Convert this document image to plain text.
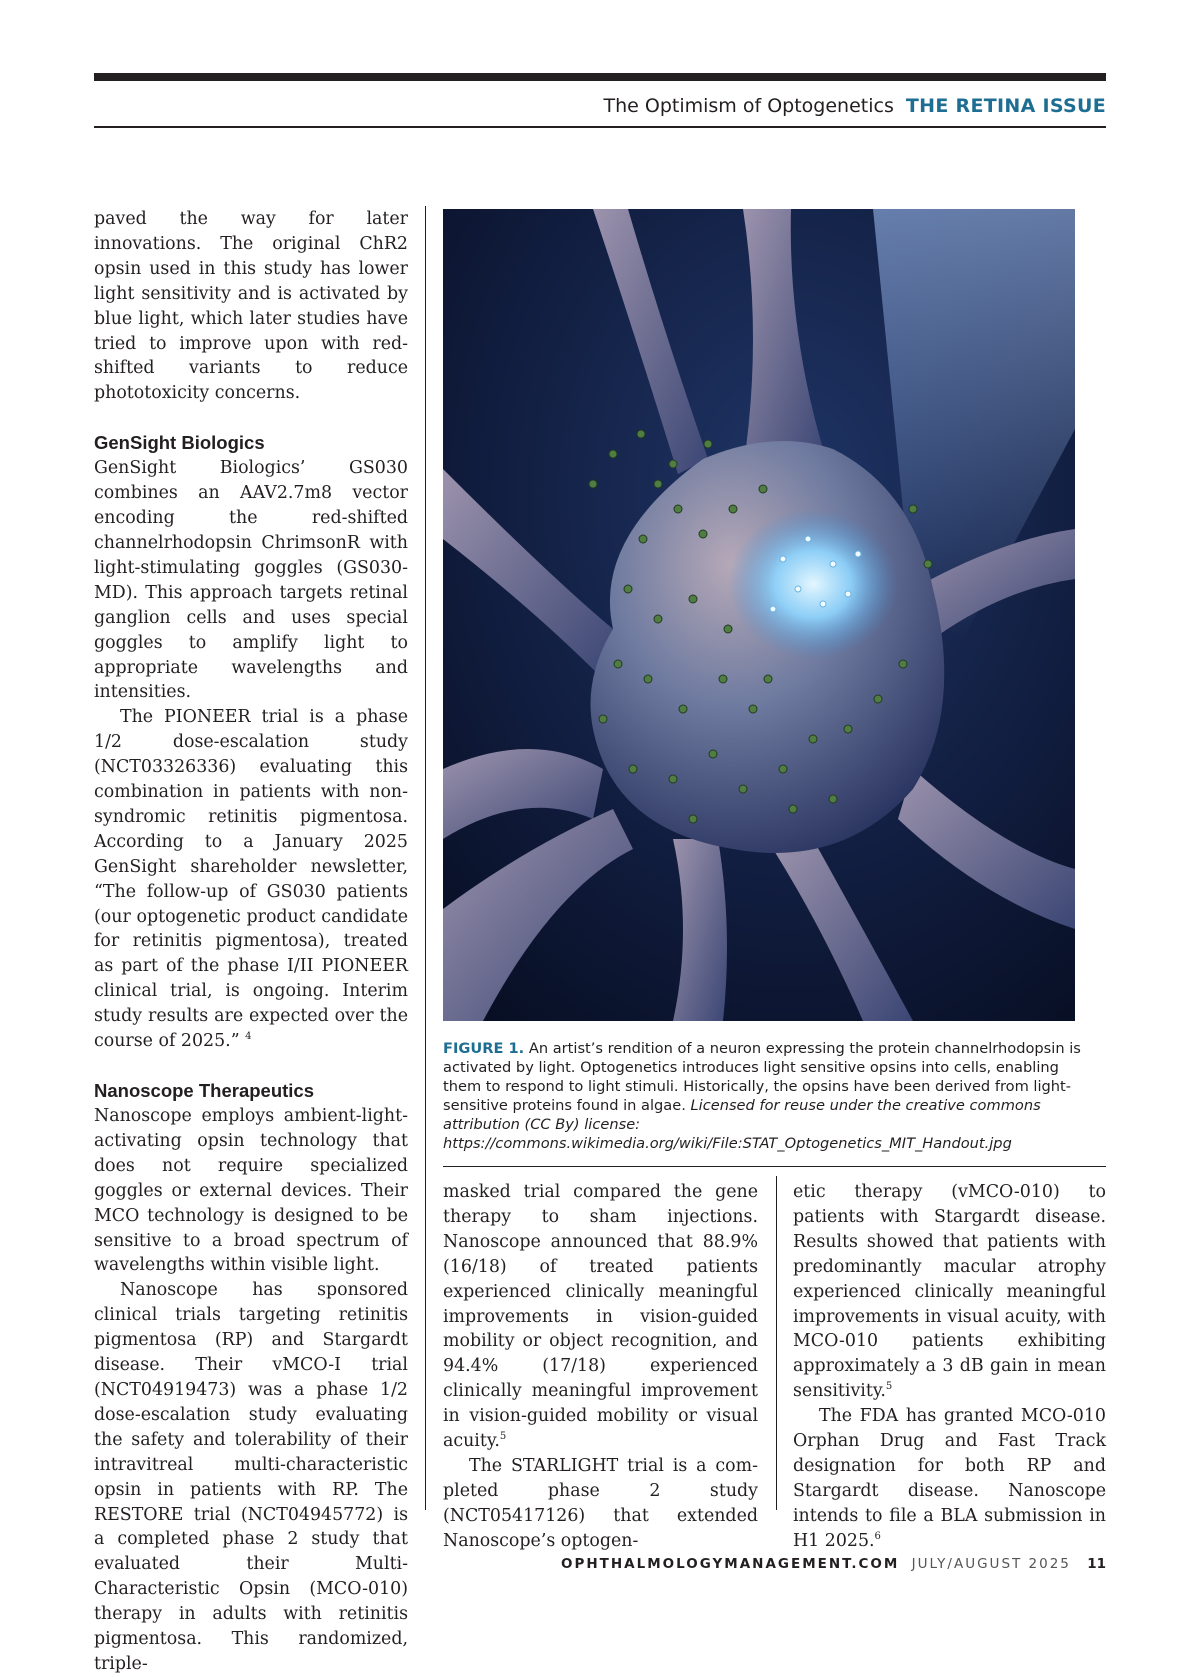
The Optimism of Optogenetics THE RETINA ISSUE

paved the way for later innovations. The original ChR2 opsin used in this study has lower light sensitivity and is activated by blue light, which later studies have tried to improve upon with red-shifted variants to reduce phototoxicity concerns.

GenSight Biologics

GenSight Biologics’ GS030 combines an AAV2.7m8 vector encoding the red-shifted channelrhodopsin ChrimsonR with light-stimulating goggles (GS030-MD). This approach targets retinal ganglion cells and uses special goggles to amplify light to appropriate wavelengths and intensities.

The PIONEER trial is a phase 1/2 dose-escalation study (NCT03326336) evaluating this combination in patients with non-syndromic retinitis pigmentosa. According to a January 2025 GenSight shareholder newsletter, “The follow-up of GS030 patients (our optogenetic product candidate for retinitis pigmentosa), treated as part of the phase I/II PIONEER clinical trial, is ongoing. Interim study results are expected over the course of 2025.” $^4$

Nanoscope Therapeutics

Nanoscope employs ambient-light-activating opsin technology that does not require specialized goggles or external devices. Their MCO technology is designed to be sensitive to a broad spectrum of wavelengths within visible light.

Nanoscope has sponsored clinical trials targeting retinitis pigmentosa (RP) and Stargardt disease. Their vMCO-I trial (NCT04919473) was a phase 1/2 dose-escalation study evaluating the safety and tolerability of their intravitreal multi-characteristic opsin in patients with RP. The RESTORE trial (NCT04945772) is a completed phase 2 study that evaluated their Multi-Characteristic Opsin (MCO-010) therapy in adults with retinitis pigmentosa. This randomized, triple-

FIGURE 1. An artist’s rendition of a neuron expressing the protein channelrhodopsin is activated by light. Optogenetics introduces light sensitive opsins into cells, enabling them to respond to light stimuli. Historically, the opsins have been derived from light-sensitive proteins found in algae. Licensed for reuse under the creative commons attribution (CC By) license: https://commons.wikimedia.org/wiki/File:STAT_Optogenetics_MIT_Handout.jpg

masked trial compared the gene therapy to sham injections. Nanoscope announced that 88.9% (16/18) of treated patients experienced clinically meaningful improvements in vision-guided mobility or object recognition, and 94.4% (17/18) experienced clinically meaningful improvement in vision-guided mobility or visual acuity.$^5$

The STARLIGHT trial is a completed phase 2 study (NCT05417126) that extended Nanoscope’s optogen-

etic therapy (vMCO-010) to patients with Stargardt disease. Results showed that patients with predominantly macular atrophy experienced clinically meaningful improvements in visual acuity, with MCO-010 patients exhibiting approximately a 3 dB gain in mean sensitivity.$^5$

The FDA has granted MCO-010 Orphan Drug and Fast Track designation for both RP and Stargardt disease. Nanoscope intends to file a BLA submission in H1 2025.$^6$

OPHTHALMOLOGYMANAGEMENT.COM JULY/AUGUST 2025 11
